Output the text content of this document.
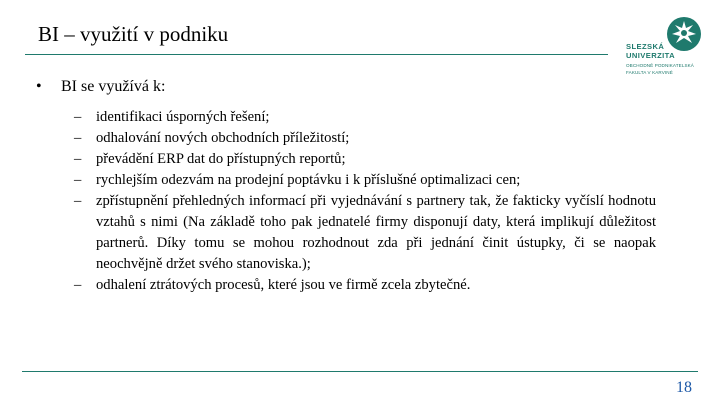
BI – využití v podniku
SLEZSKÁ
UNIVERZITA
OBCHODNĚ PODNIKATELSKÁ
FAKULTA V KARVINÉ
• BI se využívá k:
– identifikaci úsporných řešení;
– odhalování nových obchodních příležitostí;
– převádění ERP dat do přístupných reportů;
– rychlejším odezvám na prodejní poptávku i k příslušné optimalizaci cen;
– zpřístupnění přehledných informací při vyjednávání s partnery tak, že fakticky vyčíslí hodnotu vztahů s nimi (Na základě toho pak jednatelé firmy disponují daty, která implikují důležitost partnerů. Díky tomu se mohou rozhodnout zda při jednání činit ústupky, či se naopak neochvějně držet svého stanoviska.);
– odhalení ztrátových procesů, které jsou ve firmě zcela zbytečné.
18
